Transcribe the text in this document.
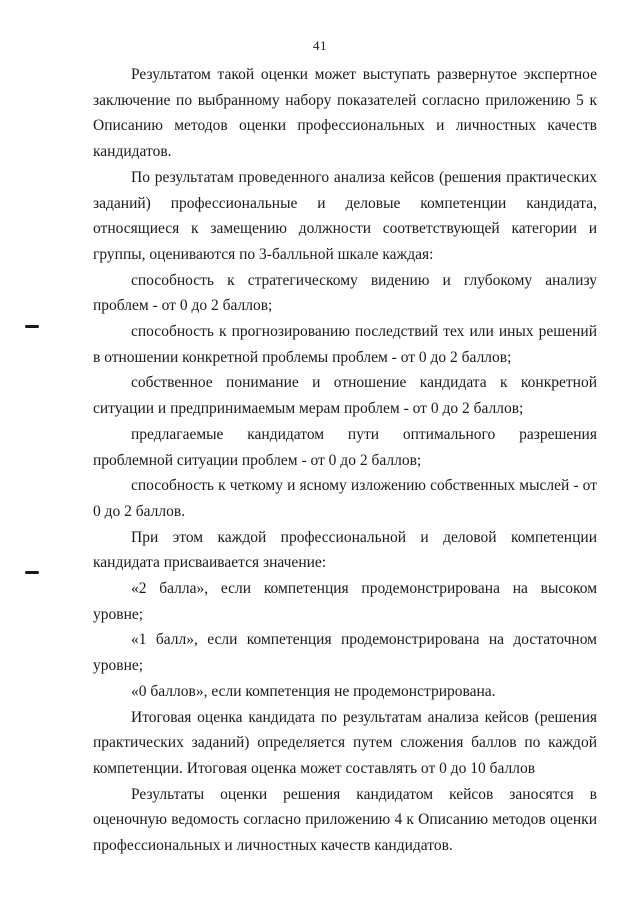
41

Результатом такой оценки может выступать развернутое экспертное заключение по выбранному набору показателей согласно приложению 5 к Описанию методов оценки профессиональных и личностных качеств кандидатов.

По результатам проведенного анализа кейсов (решения практических заданий) профессиональные и деловые компетенции кандидата, относящиеся к замещению должности соответствующей категории и группы, оцениваются по 3-балльной шкале каждая:

способность к стратегическому видению и глубокому анализу проблем - от 0 до 2 баллов;

способность к прогнозированию последствий тех или иных решений в отношении конкретной проблемы проблем - от 0 до 2 баллов;

собственное понимание и отношение кандидата к конкретной ситуации и предпринимаемым мерам проблем - от 0 до 2 баллов;

предлагаемые кандидатом пути оптимального разрешения проблемной ситуации проблем - от 0 до 2 баллов;

способность к четкому и ясному изложению собственных мыслей - от 0 до 2 баллов.

При этом каждой профессиональной и деловой компетенции кандидата присваивается значение:

«2 балла», если компетенция продемонстрирована на высоком уровне;

«1 балл», если компетенция продемонстрирована на достаточном уровне;

«0 баллов», если компетенция не продемонстрирована.

Итоговая оценка кандидата по результатам анализа кейсов (решения практических заданий) определяется путем сложения баллов по каждой компетенции. Итоговая оценка может составлять от 0 до 10 баллов

Результаты оценки решения кандидатом кейсов заносятся в оценочную ведомость согласно приложению 4 к Описанию методов оценки профессиональных и личностных качеств кандидатов.
